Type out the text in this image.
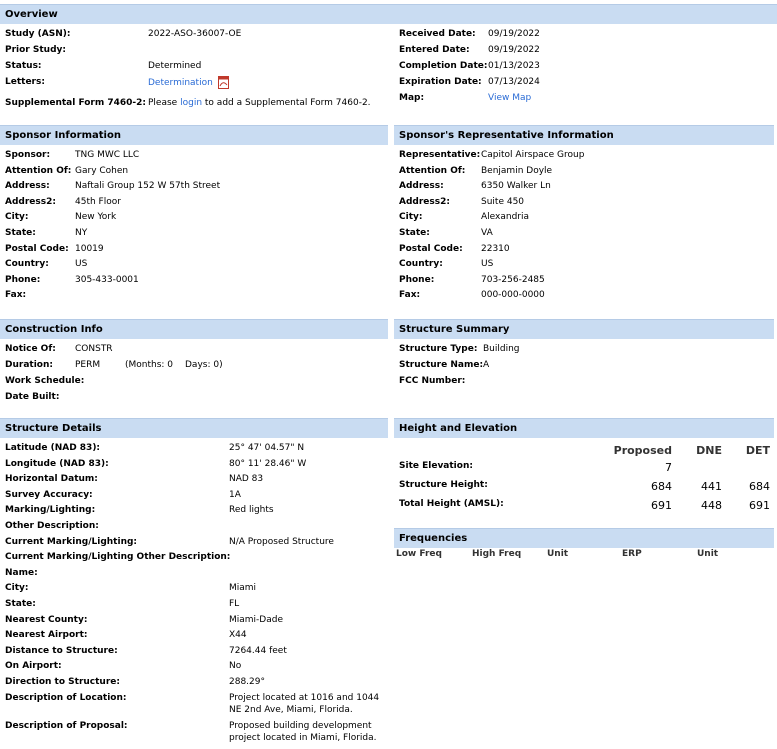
Overview
Study (ASN):	2022-ASO-36007-OE
Prior Study:
Status:	Determined
Letters:	Determination
Supplemental Form 7460-2: Please login to add a Supplemental Form 7460-2.
Received Date: 09/19/2022
Entered Date: 09/19/2022
Completion Date: 01/13/2023
Expiration Date: 07/13/2024
Map:	View Map
Sponsor Information
Sponsor:	TNG MWC LLC
Attention Of: Gary Cohen
Address:	Naftali Group 152 W 57th Street
Address2: 45th Floor
City:	New York
State:	NY
Postal Code: 10019
Country:	US
Phone:	305-433-0001
Fax:
Sponsor's Representative Information
Representative: Capitol Airspace Group
Attention Of: Benjamin Doyle
Address:	6350 Walker Ln
Address2:	Suite 450
City:	Alexandria
State:	VA
Postal Code: 22310
Country:	US
Phone:	703-256-2485
Fax:	000-000-0000
Construction Info
Notice Of: CONSTR
Duration: PERM	(Months: 0 Days: 0)
Work Schedule:
Date Built:
Structure Summary
Structure Type: Building
Structure Name: A
FCC Number:
Structure Details
Latitude (NAD 83):	25° 47' 04.57" N
Longitude (NAD 83):	80° 11' 28.46" W
Horizontal Datum:	NAD 83
Survey Accuracy:	1A
Marking/Lighting:	Red lights
Other Description:
Current Marking/Lighting:	N/A Proposed Structure
Current Marking/Lighting Other Description:
Name:
City:	Miami
State:	FL
Nearest County:	Miami-Dade
Nearest Airport:	X44
Distance to Structure:	7264.44 feet
On Airport:	No
Direction to Structure:	288.29°
Description of Location:	Project located at 1016 and 1044
NE 2nd Ave, Miami, Florida.
Description of Proposal:	Proposed building development
project located in Miami, Florida.
Height and Elevation
Proposed	DNE	DET
Site Elevation:	7
Structure Height:	684	441	684
Total Height (AMSL):	691	448	691
Frequencies
Low Freq	High Freq	Unit	ERP	Unit
